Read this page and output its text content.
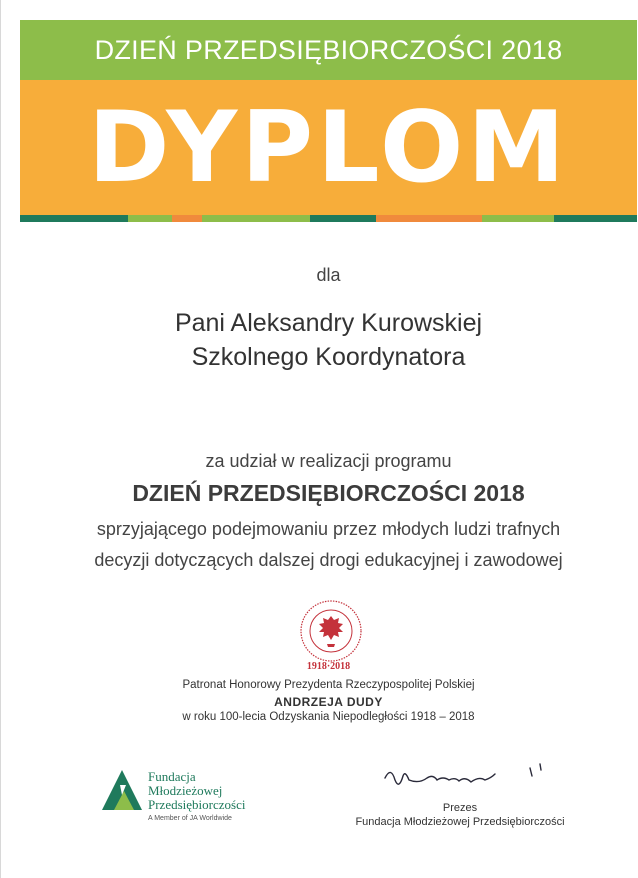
DZIEŃ PRZEDSIĘBIORCZOŚCI 2018
DYPLOM
dla
Pani Aleksandry Kurowskiej
Szkolnego Koordynatora
za udział w realizacji programu
DZIEŃ PRZEDSIĘBIORCZOŚCI 2018
sprzyjającego podejmowaniu przez młodych ludzi trafnych
decyzji dotyczących dalszej drogi edukacyjnej i zawodowej
1918·2018
Patronat Honorowy Prezydenta Rzeczypospolitej Polskiej
ANDRZEJA DUDY
w roku 100-lecia Odzyskania Niepodległości 1918 – 2018
Fundacja
Młodzieżowej
Przedsiębiorczości
A Member of JA Worldwide
Prezes
Fundacja Młodzieżowej Przedsiębiorczości
